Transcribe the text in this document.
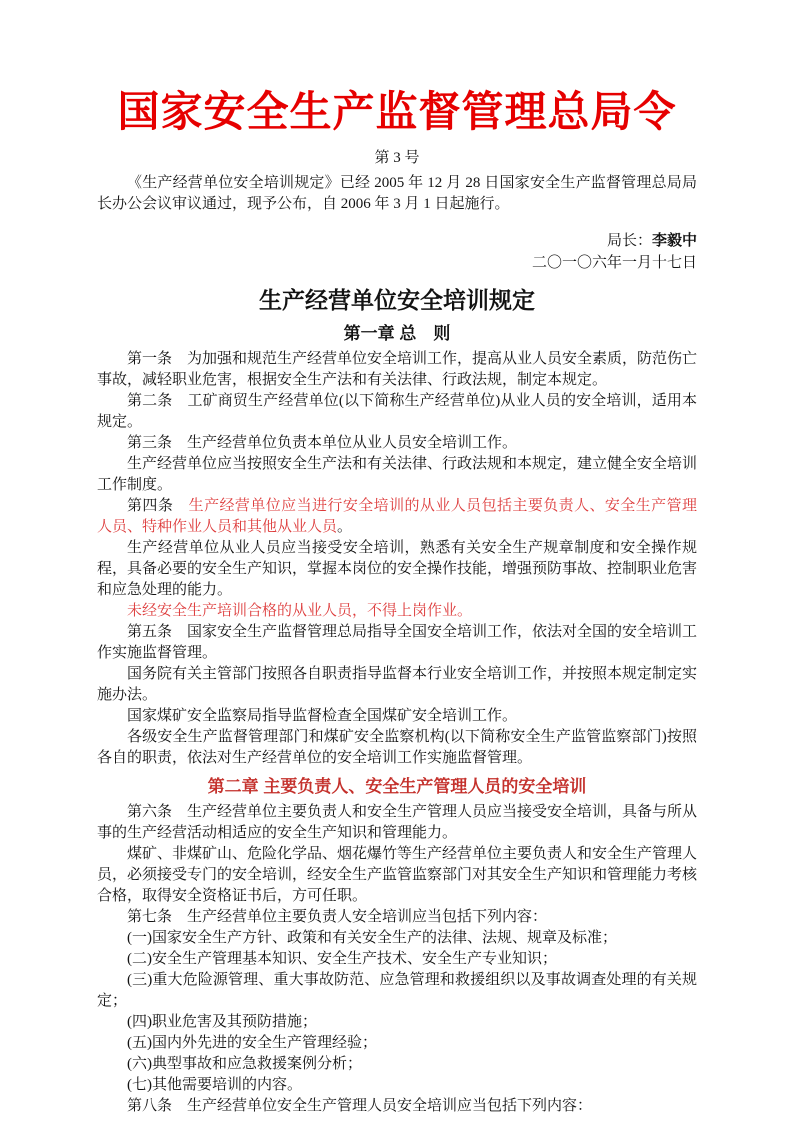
国家安全生产监督管理总局令
第 3 号

《生产经营单位安全培训规定》已经 2005 年 12 月 28 日国家安全生产监督管理总局局长办公会议审议通过，现予公布，自 2006 年 3 月 1 日起施行。

局长：李毅中
二〇一〇六年一月十七日
生产经营单位安全培训规定
第一章 总　则

第一条　为加强和规范生产经营单位安全培训工作，提高从业人员安全素质，防范伤亡事故，减轻职业危害，根据安全生产法和有关法律、行政法规，制定本规定。

第二条　工矿商贸生产经营单位(以下简称生产经营单位)从业人员的安全培训，适用本规定。

第三条　生产经营单位负责本单位从业人员安全培训工作。

生产经营单位应当按照安全生产法和有关法律、行政法规和本规定，建立健全安全培训工作制度。

第四条　生产经营单位应当进行安全培训的从业人员包括主要负责人、安全生产管理人员、特种作业人员和其他从业人员。

生产经营单位从业人员应当接受安全培训，熟悉有关安全生产规章制度和安全操作规程，具备必要的安全生产知识，掌握本岗位的安全操作技能，增强预防事故、控制职业危害和应急处理的能力。

未经安全生产培训合格的从业人员，不得上岗作业。

第五条　国家安全生产监督管理总局指导全国安全培训工作，依法对全国的安全培训工作实施监督管理。

国务院有关主管部门按照各自职责指导监督本行业安全培训工作，并按照本规定制定实施办法。

国家煤矿安全监察局指导监督检查全国煤矿安全培训工作。

各级安全生产监督管理部门和煤矿安全监察机构(以下简称安全生产监管监察部门)按照各自的职责，依法对生产经营单位的安全培训工作实施监督管理。

第二章 主要负责人、安全生产管理人员的安全培训

第六条　生产经营单位主要负责人和安全生产管理人员应当接受安全培训，具备与所从事的生产经营活动相适应的安全生产知识和管理能力。

煤矿、非煤矿山、危险化学品、烟花爆竹等生产经营单位主要负责人和安全生产管理人员，必须接受专门的安全培训，经安全生产监管监察部门对其安全生产知识和管理能力考核合格，取得安全资格证书后，方可任职。

第七条　生产经营单位主要负责人安全培训应当包括下列内容：

(一)国家安全生产方针、政策和有关安全生产的法律、法规、规章及标准；

(二)安全生产管理基本知识、安全生产技术、安全生产专业知识；

(三)重大危险源管理、重大事故防范、应急管理和救援组织以及事故调查处理的有关规定；

(四)职业危害及其预防措施；

(五)国内外先进的安全生产管理经验；

(六)典型事故和应急救援案例分析；

(七)其他需要培训的内容。

第八条　生产经营单位安全生产管理人员安全培训应当包括下列内容：
